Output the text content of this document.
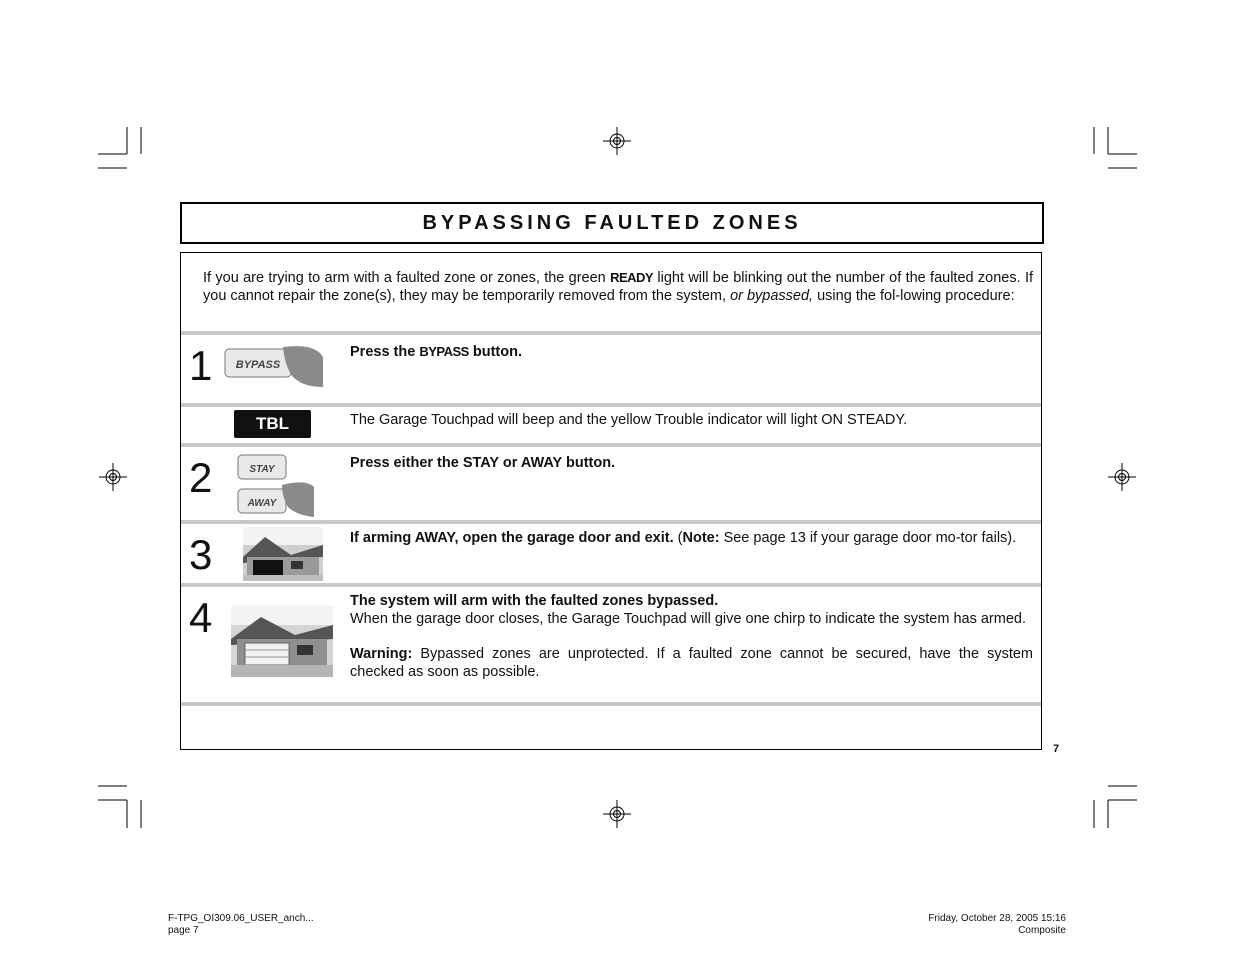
BYPASSING FAULTED ZONES
If you are trying to arm with a faulted zone or zones, the green READY light will be blinking out the number of the faulted zones. If you cannot repair the zone(s), they may be temporarily removed from the system, or bypassed, using the fol-lowing procedure:
1 BYPASS
Press the BYPASS button.
TBL	The Garage Touchpad will beep and the yellow Trouble indicator will light ON STEADY.
2	STAY
AWAY
Press either the STAY or AWAY button.
3	If arming AWAY, open the garage door and exit. (Note: See page 13 if your garage door mo-tor fails).
4	The system will arm with the faulted zones bypassed.
When the garage door closes, the Garage Touchpad will give one chirp to indicate the system has armed.
Warning: Bypassed zones are unprotected. If a faulted zone cannot be secured, have the system checked as soon as possible.
7
F-TPG_OI309.06_USER_anch...
page 7
Friday, October 28, 2005 15:16
Composite
